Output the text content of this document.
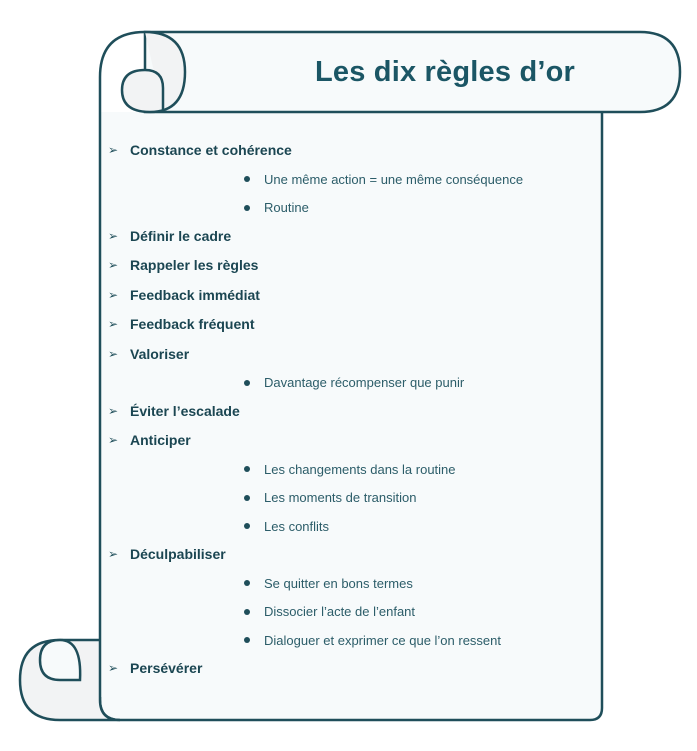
Les dix règles d’or
➢ Constance et cohérence
Une même action = une même conséquence
Routine
➢ Définir le cadre
➢ Rappeler les règles
➢ Feedback immédiat
➢ Feedback fréquent
➢ Valoriser
Davantage récompenser que punir
➢ Éviter l’escalade
➢ Anticiper
Les changements dans la routine
Les moments de transition
Les conflits
➢ Déculpabiliser
Se quitter en bons termes
Dissocier l’acte de l’enfant
Dialoguer et exprimer ce que l’on ressent
➢ Persévérer
